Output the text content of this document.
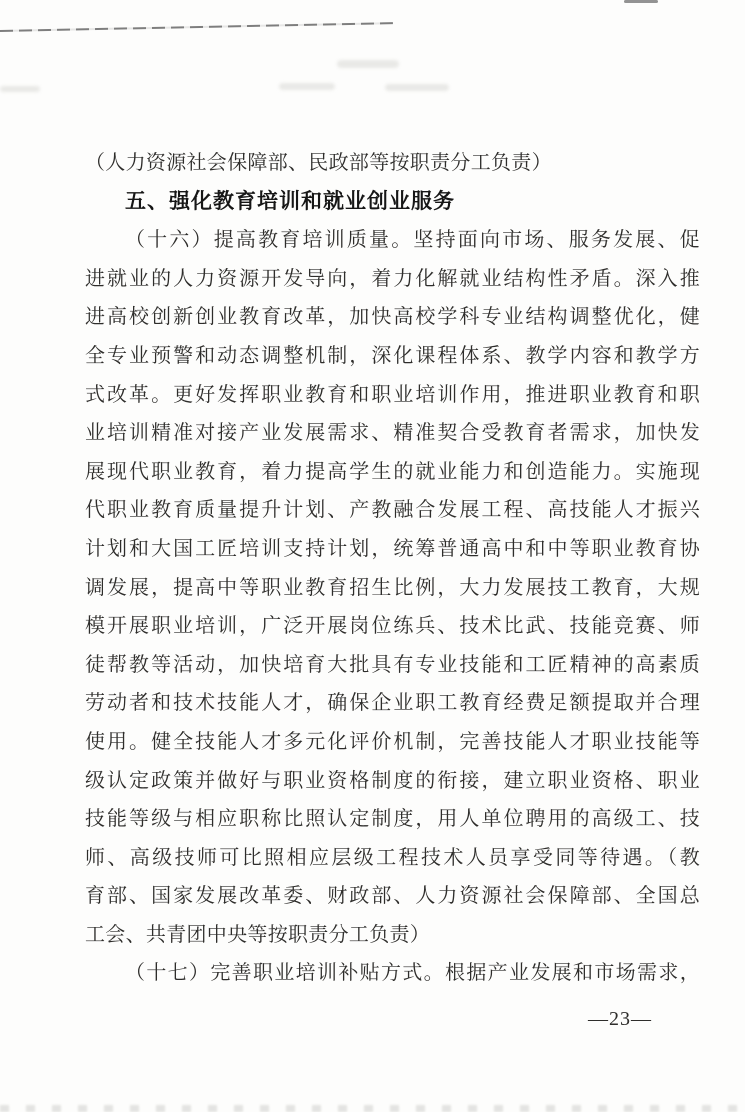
（人力资源社会保障部、民政部等按职责分工负责）
五、强化教育培训和就业创业服务
（十六）提高教育培训质量。坚持面向市场、服务发展、促
进就业的人力资源开发导向，着力化解就业结构性矛盾。深入推
进高校创新创业教育改革，加快高校学科专业结构调整优化，健
全专业预警和动态调整机制，深化课程体系、教学内容和教学方
式改革。更好发挥职业教育和职业培训作用，推进职业教育和职
业培训精准对接产业发展需求、精准契合受教育者需求，加快发
展现代职业教育，着力提高学生的就业能力和创造能力。实施现
代职业教育质量提升计划、产教融合发展工程、高技能人才振兴
计划和大国工匠培训支持计划，统筹普通高中和中等职业教育协
调发展，提高中等职业教育招生比例，大力发展技工教育，大规
模开展职业培训，广泛开展岗位练兵、技术比武、技能竞赛、师
徒帮教等活动，加快培育大批具有专业技能和工匠精神的高素质
劳动者和技术技能人才，确保企业职工教育经费足额提取并合理
使用。健全技能人才多元化评价机制，完善技能人才职业技能等
级认定政策并做好与职业资格制度的衔接，建立职业资格、职业
技能等级与相应职称比照认定制度，用人单位聘用的高级工、技
师、高级技师可比照相应层级工程技术人员享受同等待遇。（教
育部、国家发展改革委、财政部、人力资源社会保障部、全国总
工会、共青团中央等按职责分工负责）
（十七）完善职业培训补贴方式。根据产业发展和市场需求，
—23—
